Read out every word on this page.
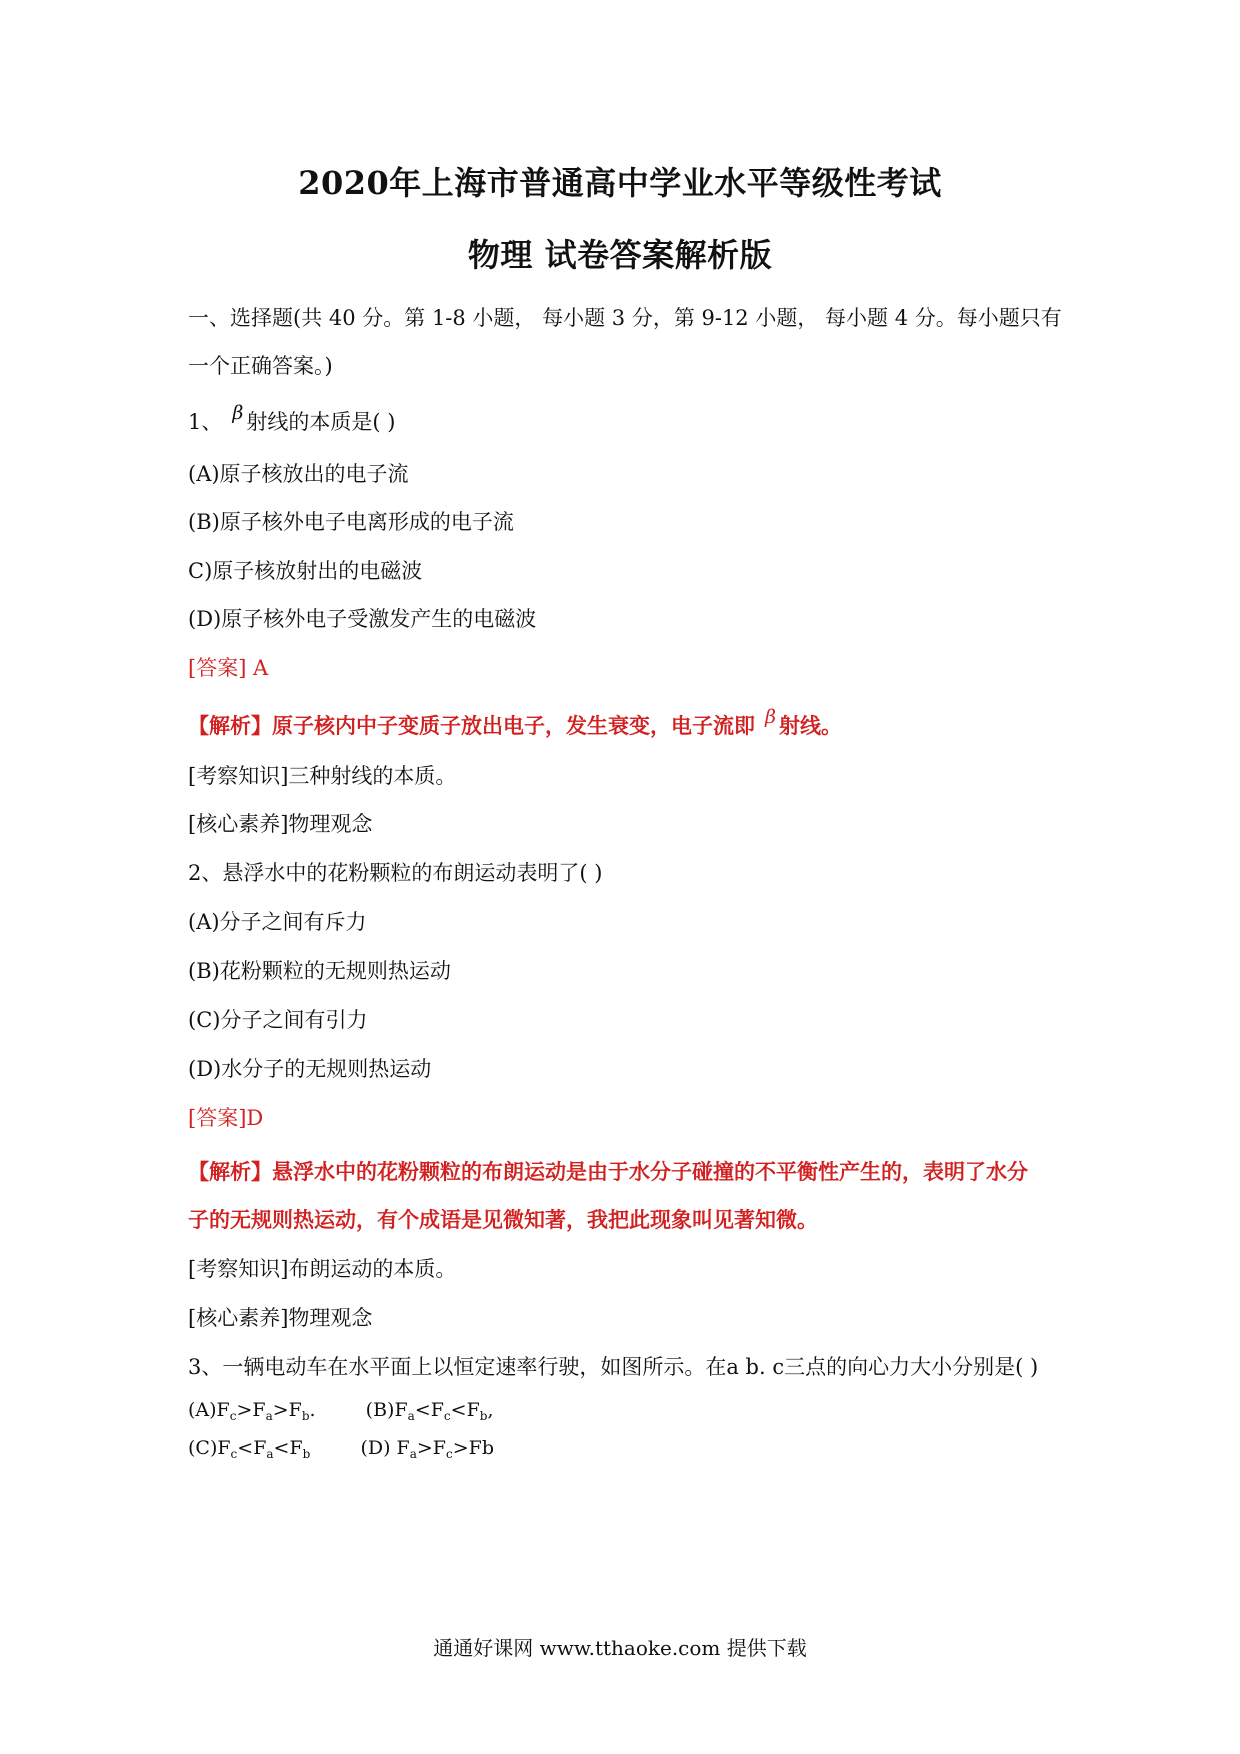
2020年上海市普通高中学业水平等级性考试
物理 试卷答案解析版
一、选择题(共 40 分。第 1-8 小题， 每小题 3 分，第 9-12 小题， 每小题 4 分。每小题只有
一个正确答案。)
1、 β 射线的本质是( )
(A)原子核放出的电子流
(B)原子核外电子电离形成的电子流
C)原子核放射出的电磁波
(D)原子核外电子受激发产生的电磁波
[答案] A
【解析】原子核内中子变质子放出电子，发生衰变，电子流即 β 射线。
[考察知识]三种射线的本质。
[核心素养]物理观念
2、悬浮水中的花粉颗粒的布朗运动表明了( )
(A)分子之间有斥力
(B)花粉颗粒的无规则热运动
(C)分子之间有引力
(D)水分子的无规则热运动
[答案]D
【解析】悬浮水中的花粉颗粒的布朗运动是由于水分子碰撞的不平衡性产生的，表明了水分
子的无规则热运动，有个成语是见微知著，我把此现象叫见著知微。
[考察知识]布朗运动的本质。
[核心素养]物理观念
3、一辆电动车在水平面上以恒定速率行驶，如图所示。在a b. c三点的向心力大小分别是( )
$(A)F_c>F_a>F_b$.	$(B)F_a<F_c<F_b$,
$(C)F_c<F_a<F_b$	(D) $F_a>F_c>Fb$
通通好课网 www.tthaoke.com 提供下载
